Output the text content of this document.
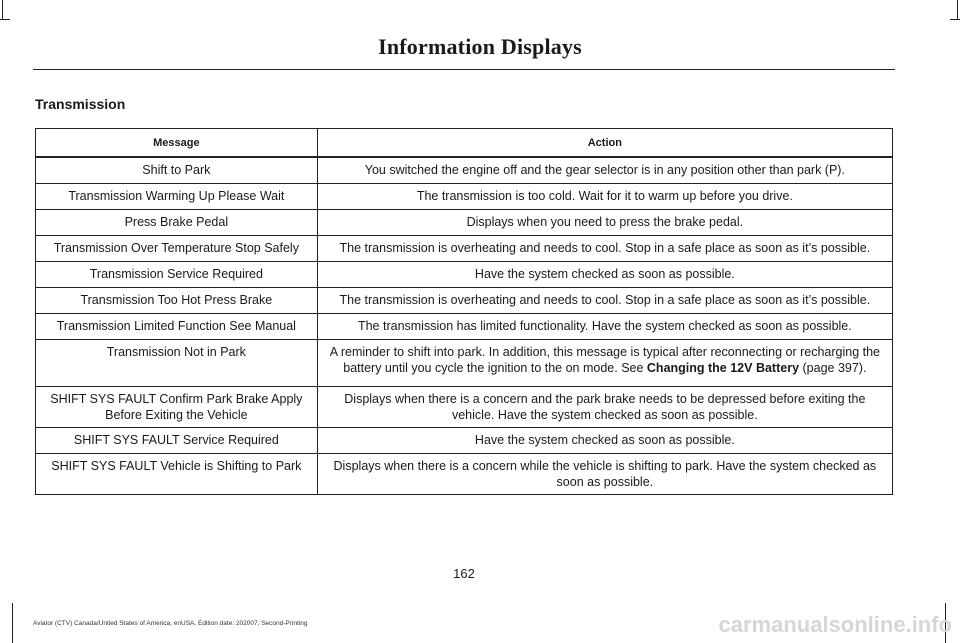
Information Displays
Transmission
Message	Action
Shift to Park	You switched the engine off and the gear selector is in any position other than park (P).
Transmission Warming Up Please Wait	The transmission is too cold. Wait for it to warm up before you drive.
Press Brake Pedal	Displays when you need to press the brake pedal.
Transmission Over Temperature Stop Safely	The transmission is overheating and needs to cool. Stop in a safe place as soon as it’s possible.
Transmission Service Required	Have the system checked as soon as possible.
Transmission Too Hot Press Brake	The transmission is overheating and needs to cool. Stop in a safe place as soon as it’s possible.
Transmission Limited Function See Manual	The transmission has limited functionality. Have the system checked as soon as possible.
Transmission Not in Park	A reminder to shift into park. In addition, this message is typical after reconnecting or recharging the battery until you cycle the ignition to the on mode. See Changing the 12V Battery (page 397).
SHIFT SYS FAULT Confirm Park Brake Apply Before Exiting the Vehicle	Displays when there is a concern and the park brake needs to be depressed before exiting the vehicle. Have the system checked as soon as possible.
SHIFT SYS FAULT Service Required	Have the system checked as soon as possible.
SHIFT SYS FAULT Vehicle is Shifting to Park	Displays when there is a concern while the vehicle is shifting to park. Have the system checked as soon as possible.
162
Aviator (CTV) Canada/United States of America, enUSA, Edition date: 202007, Second-Printing	carmanualsonline.info
